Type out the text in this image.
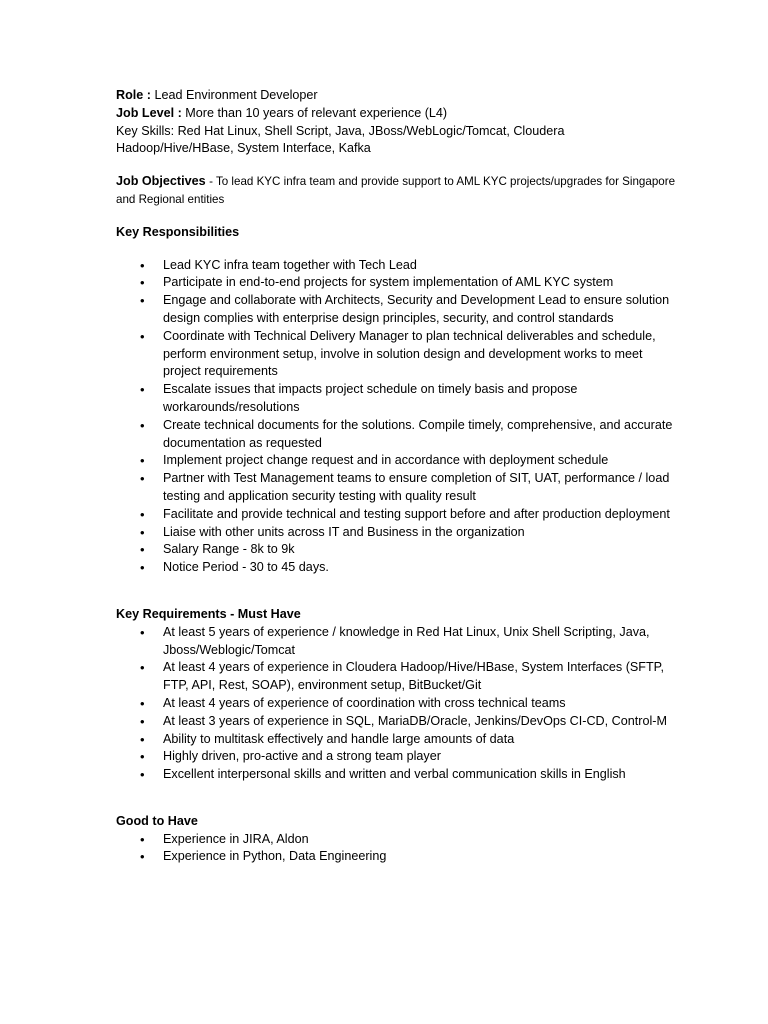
Role : Lead Environment Developer

Job Level : More than 10 years of relevant experience (L4)

Key Skills: Red Hat Linux, Shell Script, Java, JBoss/WebLogic/Tomcat, Cloudera Hadoop/Hive/HBase, System Interface, Kafka

Job Objectives - To lead KYC infra team and provide support to AML KYC projects/upgrades for Singapore and Regional entities

Key Responsibilities

• Lead KYC infra team together with Tech Lead
• Participate in end-to-end projects for system implementation of AML KYC system
• Engage and collaborate with Architects, Security and Development Lead to ensure solution design complies with enterprise design principles, security, and control standards
• Coordinate with Technical Delivery Manager to plan technical deliverables and schedule, perform environment setup, involve in solution design and development works to meet project requirements
• Escalate issues that impacts project schedule on timely basis and propose workarounds/resolutions
• Create technical documents for the solutions. Compile timely, comprehensive, and accurate documentation as requested
• Implement project change request and in accordance with deployment schedule
• Partner with Test Management teams to ensure completion of SIT, UAT, performance / load testing and application security testing with quality result
• Facilitate and provide technical and testing support before and after production deployment
• Liaise with other units across IT and Business in the organization
• Salary Range - 8k to 9k
• Notice Period - 30 to 45 days.

Key Requirements - Must Have

• At least 5 years of experience / knowledge in Red Hat Linux, Unix Shell Scripting, Java, Jboss/Weblogic/Tomcat
• At least 4 years of experience in Cloudera Hadoop/Hive/HBase, System Interfaces (SFTP, FTP, API, Rest, SOAP), environment setup, BitBucket/Git
• At least 4 years of experience of coordination with cross technical teams
• At least 3 years of experience in SQL, MariaDB/Oracle, Jenkins/DevOps CI-CD, Control-M
• Ability to multitask effectively and handle large amounts of data
• Highly driven, pro-active and a strong team player
• Excellent interpersonal skills and written and verbal communication skills in English

Good to Have

• Experience in JIRA, Aldon
• Experience in Python, Data Engineering
